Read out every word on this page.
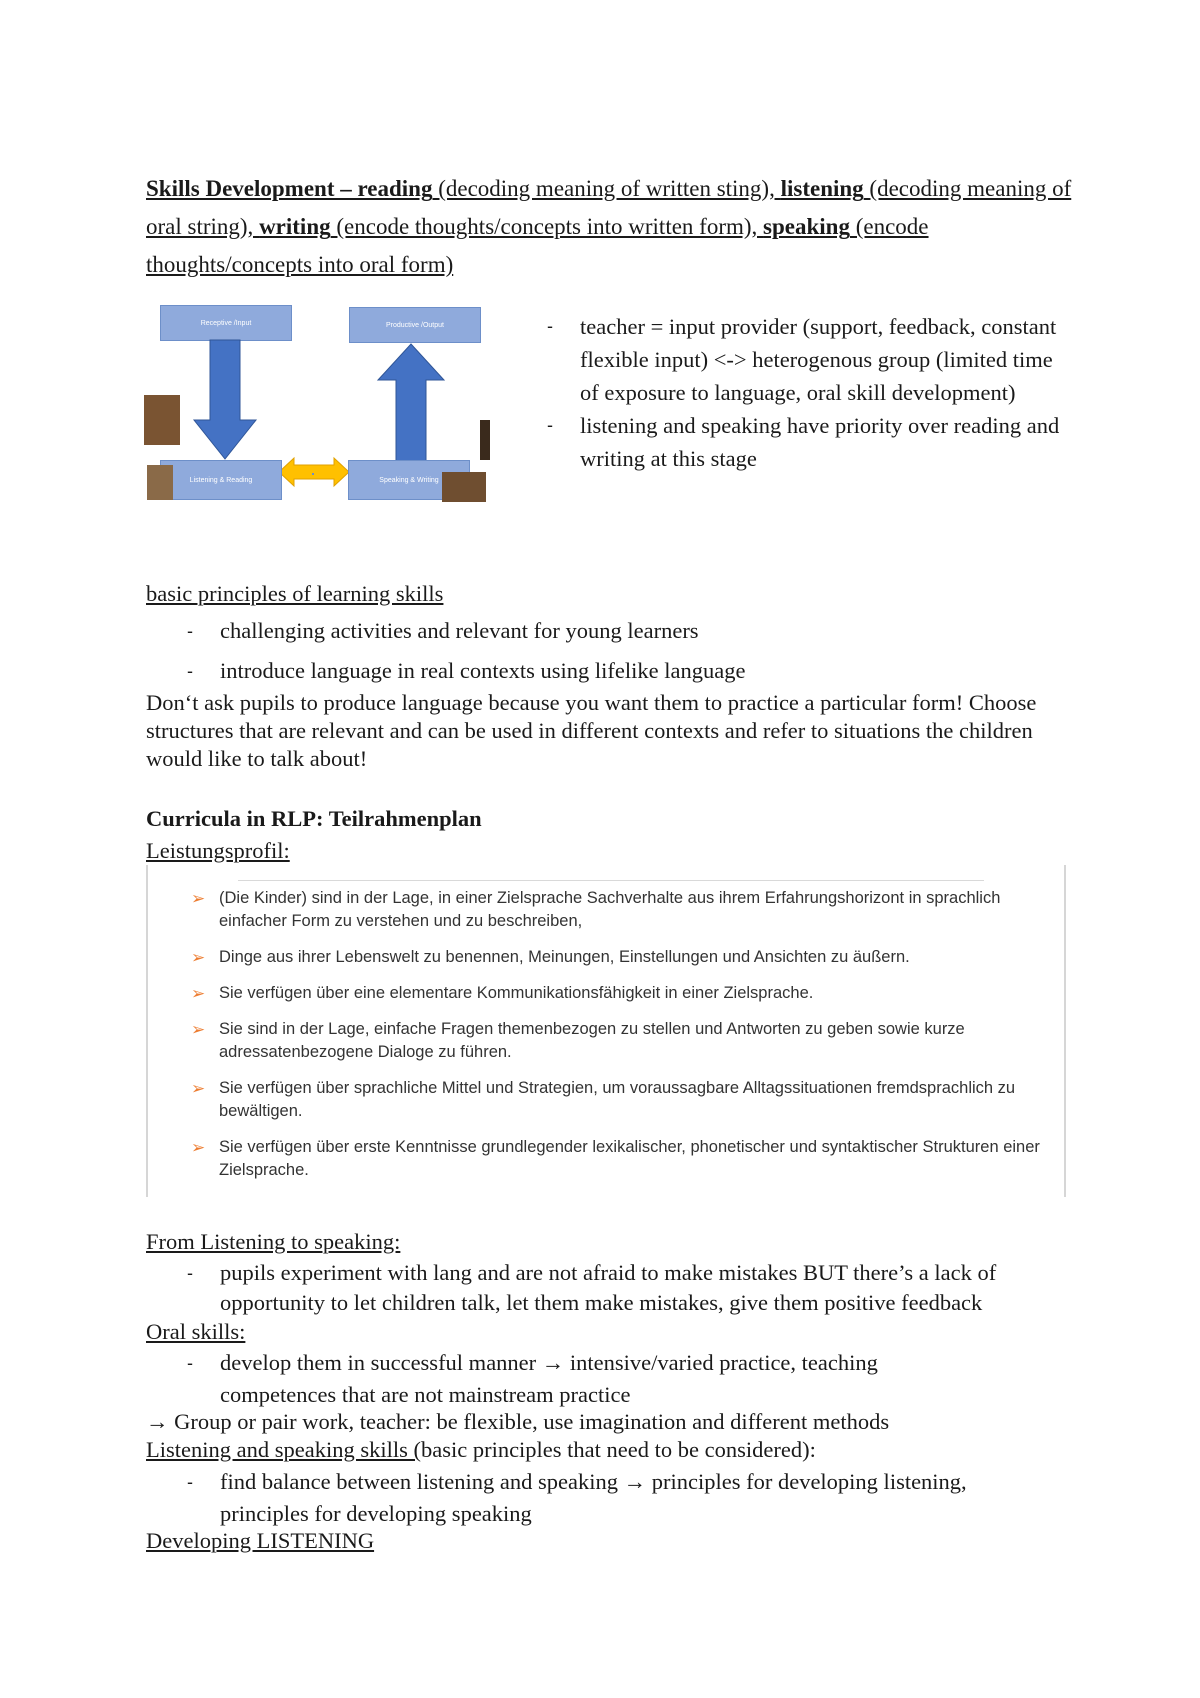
Skills Development – reading (decoding meaning of written sting), listening (decoding meaning of oral string), writing (encode thoughts/concepts into written form), speaking (encode thoughts/concepts into oral form)
Receptive /Input	Productive /Output
Listening & Reading	Speaking & Writing
-	teacher = input provider (support, feedback, constant flexible input) <-> heterogenous group (limited time of exposure to language, oral skill development)
-	listening and speaking have priority over reading and writing at this stage
basic principles of learning skills
-	challenging activities and relevant for young learners
-	introduce language in real contexts using lifelike language
Don‘t ask pupils to produce language because you want them to practice a particular form! Choose structures that are relevant and can be used in different contexts and refer to situations the children would like to talk about!
Curricula in RLP: Teilrahmenplan
Leistungsprofil:
➢ (Die Kinder) sind in der Lage, in einer Zielsprache Sachverhalte aus ihrem Erfahrungshorizont in sprachlich einfacher Form zu verstehen und zu beschreiben,
➢ Dinge aus ihrer Lebenswelt zu benennen, Meinungen, Einstellungen und Ansichten zu äußern.
➢ Sie verfügen über eine elementare Kommunikationsfähigkeit in einer Zielsprache.
➢ Sie sind in der Lage, einfache Fragen themenbezogen zu stellen und Antworten zu geben sowie kurze adressatenbezogene Dialoge zu führen.
➢ Sie verfügen über sprachliche Mittel und Strategien, um voraussagbare Alltagssituationen fremdsprachlich zu bewältigen.
➢ Sie verfügen über erste Kenntnisse grundlegender lexikalischer, phonetischer und syntaktischer Strukturen einer Zielsprache.
From Listening to speaking:
-	pupils experiment with lang and are not afraid to make mistakes BUT there’s a lack of opportunity to let children talk, let them make mistakes, give them positive feedback
Oral skills:
-	develop them in successful manner → intensive/varied practice, teaching competences that are not mainstream practice
→ Group or pair work, teacher: be flexible, use imagination and different methods
Listening and speaking skills (basic principles that need to be considered):
-	find balance between listening and speaking → principles for developing listening, principles for developing speaking
Developing LISTENING
